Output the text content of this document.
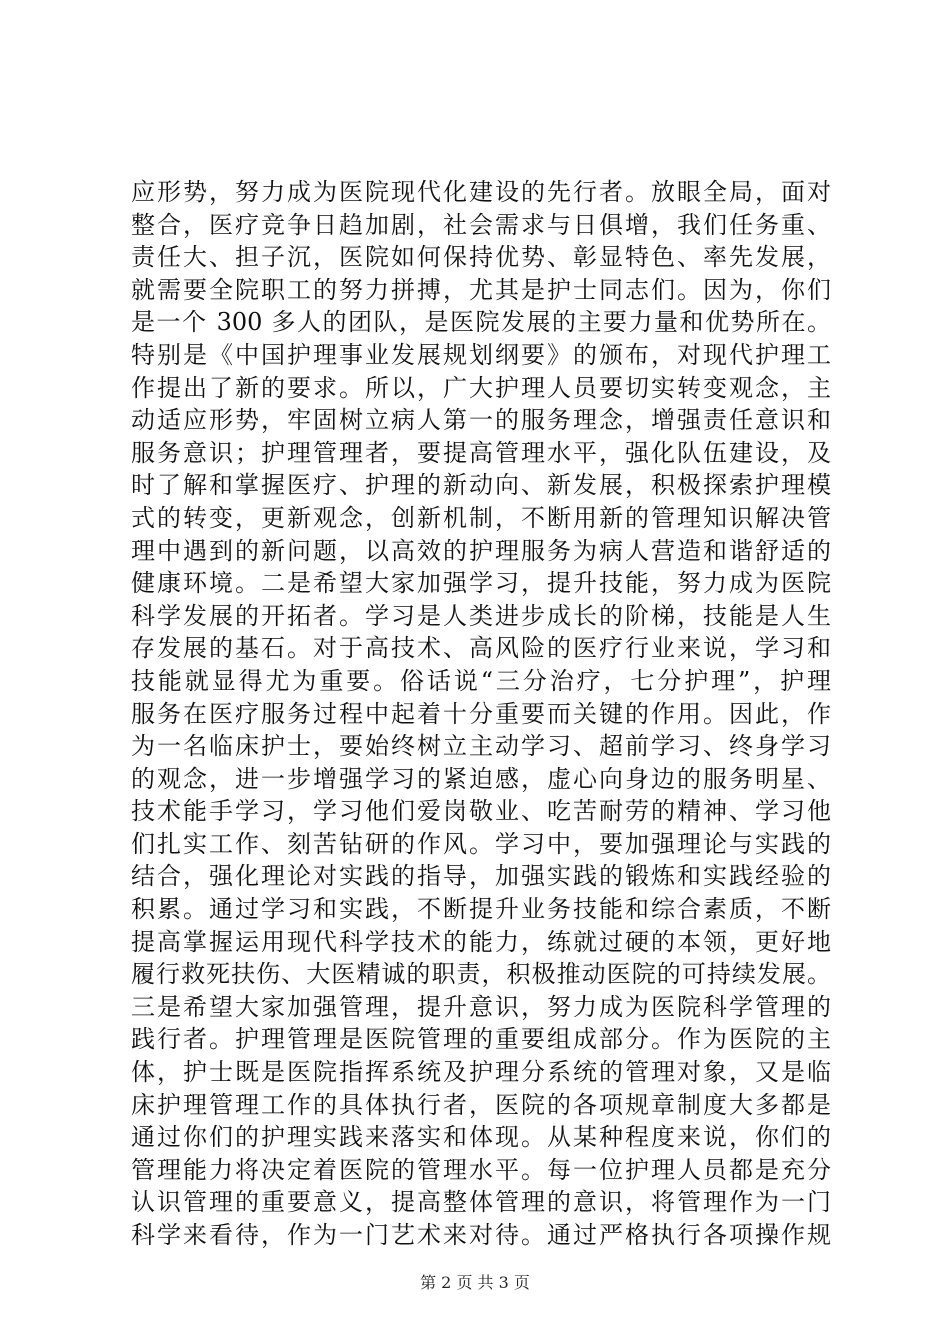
应形势，努力成为医院现代化建设的先行者。放眼全局，面对
整合，医疗竞争日趋加剧，社会需求与日俱增，我们任务重、
责任大、担子沉，医院如何保持优势、彰显特色、率先发展，
就需要全院职工的努力拼搏，尤其是护士同志们。因为，你们
是一个 300 多人的团队，是医院发展的主要力量和优势所在。
特别是《中国护理事业发展规划纲要》的颁布，对现代护理工
作提出了新的要求。所以，广大护理人员要切实转变观念，主
动适应形势，牢固树立病人第一的服务理念，增强责任意识和
服务意识；护理管理者，要提高管理水平，强化队伍建设，及
时了解和掌握医疗、护理的新动向、新发展，积极探索护理模
式的转变，更新观念，创新机制，不断用新的管理知识解决管
理中遇到的新问题，以高效的护理服务为病人营造和谐舒适的
健康环境。二是希望大家加强学习，提升技能，努力成为医院
科学发展的开拓者。学习是人类进步成长的阶梯，技能是人生
存发展的基石。对于高技术、高风险的医疗行业来说，学习和
技能就显得尤为重要。俗话说“三分治疗，七分护理”，护理
服务在医疗服务过程中起着十分重要而关键的作用。因此，作
为一名临床护士，要始终树立主动学习、超前学习、终身学习
的观念，进一步增强学习的紧迫感，虚心向身边的服务明星、
技术能手学习，学习他们爱岗敬业、吃苦耐劳的精神、学习他
们扎实工作、刻苦钻研的作风。学习中，要加强理论与实践的
结合，强化理论对实践的指导，加强实践的锻炼和实践经验的
积累。通过学习和实践，不断提升业务技能和综合素质，不断
提高掌握运用现代科学技术的能力，练就过硬的本领，更好地
履行救死扶伤、大医精诚的职责，积极推动医院的可持续发展。
三是希望大家加强管理，提升意识，努力成为医院科学管理的
践行者。护理管理是医院管理的重要组成部分。作为医院的主
体，护士既是医院指挥系统及护理分系统的管理对象，又是临
床护理管理工作的具体执行者，医院的各项规章制度大多都是
通过你们的护理实践来落实和体现。从某种程度来说，你们的
管理能力将决定着医院的管理水平。每一位护理人员都是充分
认识管理的重要意义，提高整体管理的意识，将管理作为一门
科学来看待，作为一门艺术来对待。通过严格执行各项操作规
第 2 页 共 3 页
